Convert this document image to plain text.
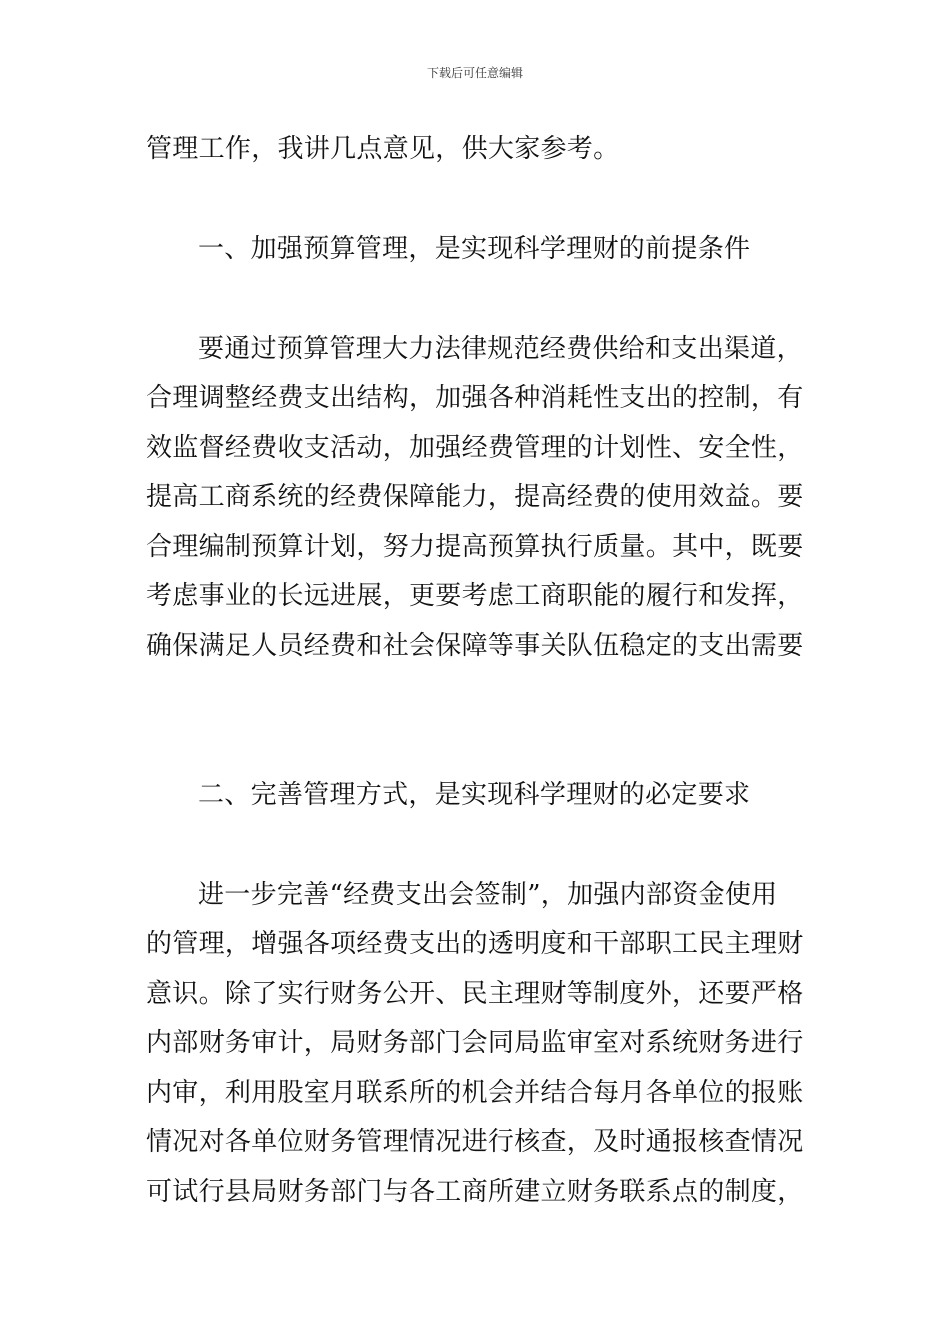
下载后可任意编辑
管理工作，我讲几点意见，供大家参考。
一、加强预算管理，是实现科学理财的前提条件
要通过预算管理大力法律规范经费供给和支出渠道，
合理调整经费支出结构，加强各种消耗性支出的控制，有
效监督经费收支活动，加强经费管理的计划性、安全性，
提高工商系统的经费保障能力，提高经费的使用效益。要
合理编制预算计划，努力提高预算执行质量。其中，既要
考虑事业的长远进展，更要考虑工商职能的履行和发挥，
确保满足人员经费和社会保障等事关队伍稳定的支出需要
二、完善管理方式，是实现科学理财的必定要求
进一步完善“经费支出会签制”，加强内部资金使用
的管理，增强各项经费支出的透明度和干部职工民主理财
意识。除了实行财务公开、民主理财等制度外，还要严格
内部财务审计，局财务部门会同局监审室对系统财务进行
内审，利用股室月联系所的机会并结合每月各单位的报账
情况对各单位财务管理情况进行核查，及时通报核查情况
可试行县局财务部门与各工商所建立财务联系点的制度，
